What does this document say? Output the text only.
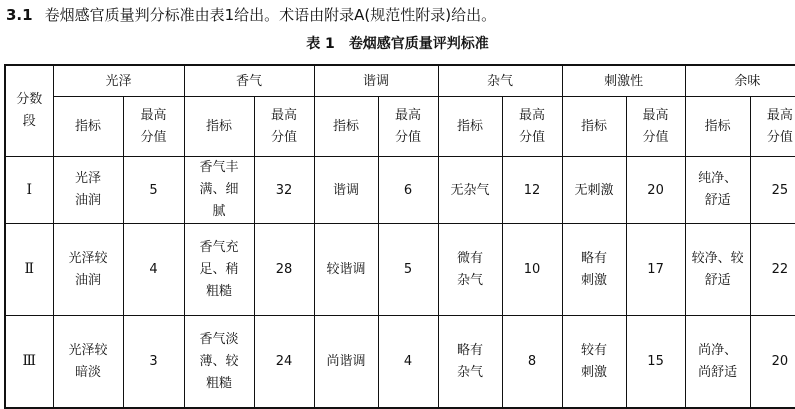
3.1 卷烟感官质量判分标准由表1给出。术语由附录A(规范性附录)给出。
表 1 卷烟感官质量评判标准
分数段	光泽		香气		谐调		杂气		刺激性		余味	
	指标	最高分值	指标	最高分值	指标	最高分值	指标	最高分值	指标	最高分值	指标	最高分值
Ⅰ	光泽油润	5	香气丰满、细腻	32	谐调	6	无杂气	12	无刺激	20	纯净、舒适	25
Ⅱ	光泽较油润	4	香气充足、稍粗糙	28	较谐调	5	微有杂气	10	略有刺激	17	较净、较舒适	22
Ⅲ	光泽较暗淡	3	香气淡薄、较粗糙	24	尚谐调	4	略有杂气	8	较有刺激	15	尚净、尚舒适	20
